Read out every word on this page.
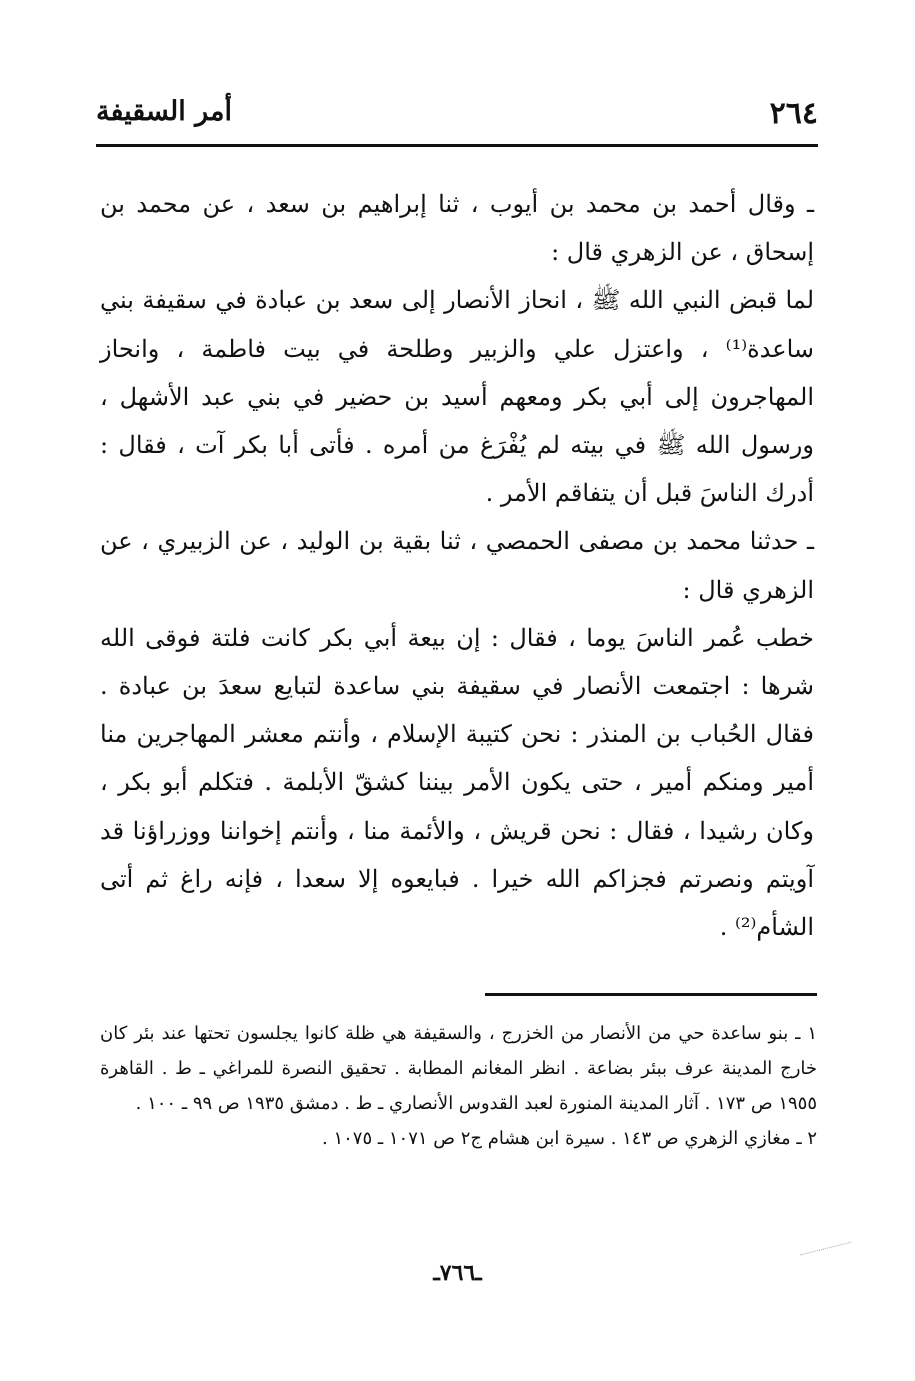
٢٦٤
أمر السقيفة

ـ وقال أحمد بن محمد بن أيوب ، ثنا إبراهيم بن سعد ، عن محمد بن إسحاق ، عن الزهري قال :

لما قبض النبي الله ﷺ ، انحاز الأنصار إلى سعد بن عبادة في سقيفة بني ساعدة⁽¹⁾ ، واعتزل علي والزبير وطلحة في بيت فاطمة ، وانحاز المهاجرون إلى أبي بكر ومعهم أسيد بن حضير في بني عبد الأشهل ، ورسول الله ﷺ في بيته لم يُفْرَغ من أمره . فأتى أبا بكر آت ، فقال : أدرك الناسَ قبل أن يتفاقم الأمر .

ـ حدثنا محمد بن مصفى الحمصي ، ثنا بقية بن الوليد ، عن الزبيري ، عن الزهري قال :

خطب عُمر الناسَ يوما ، فقال : إن بيعة أبي بكر كانت فلتة فوقى الله شرها : اجتمعت الأنصار في سقيفة بني ساعدة لتبايع سعدَ بن عبادة . فقال الحُباب بن المنذر : نحن كتيبة الإسلام ، وأنتم معشر المهاجرين منا أمير ومنكم أمير ، حتى يكون الأمر بيننا كشقّ الأبلمة . فتكلم أبو بكر ، وكان رشيدا ، فقال : نحن قريش ، والأئمة منا ، وأنتم إخواننا ووزراؤنا قد آويتم ونصرتم فجزاكم الله خيرا . فبايعوه إلا سعدا ، فإنه راغ ثم أتى الشأم⁽²⁾ .

١ ـ بنو ساعدة حي من الأنصار من الخزرج ، والسقيفة هي ظلة كانوا يجلسون تحتها عند بئر كان خارج المدينة عرف ببئر بضاعة . انظر المغانم المطابة . تحقيق النصرة للمراغي ـ ط . القاهرة ١٩٥٥ ص ١٧٣ . آثار المدينة المنورة لعبد القدوس الأنصاري ـ ط . دمشق ١٩٣٥ ص ٩٩ ـ ١٠٠ .

٢ ـ مغازي الزهري ص ١٤٣ . سيرة ابن هشام ج٢ ص ١٠٧١ ـ ١٠٧٥ .

ـ٧٦٦ـ
